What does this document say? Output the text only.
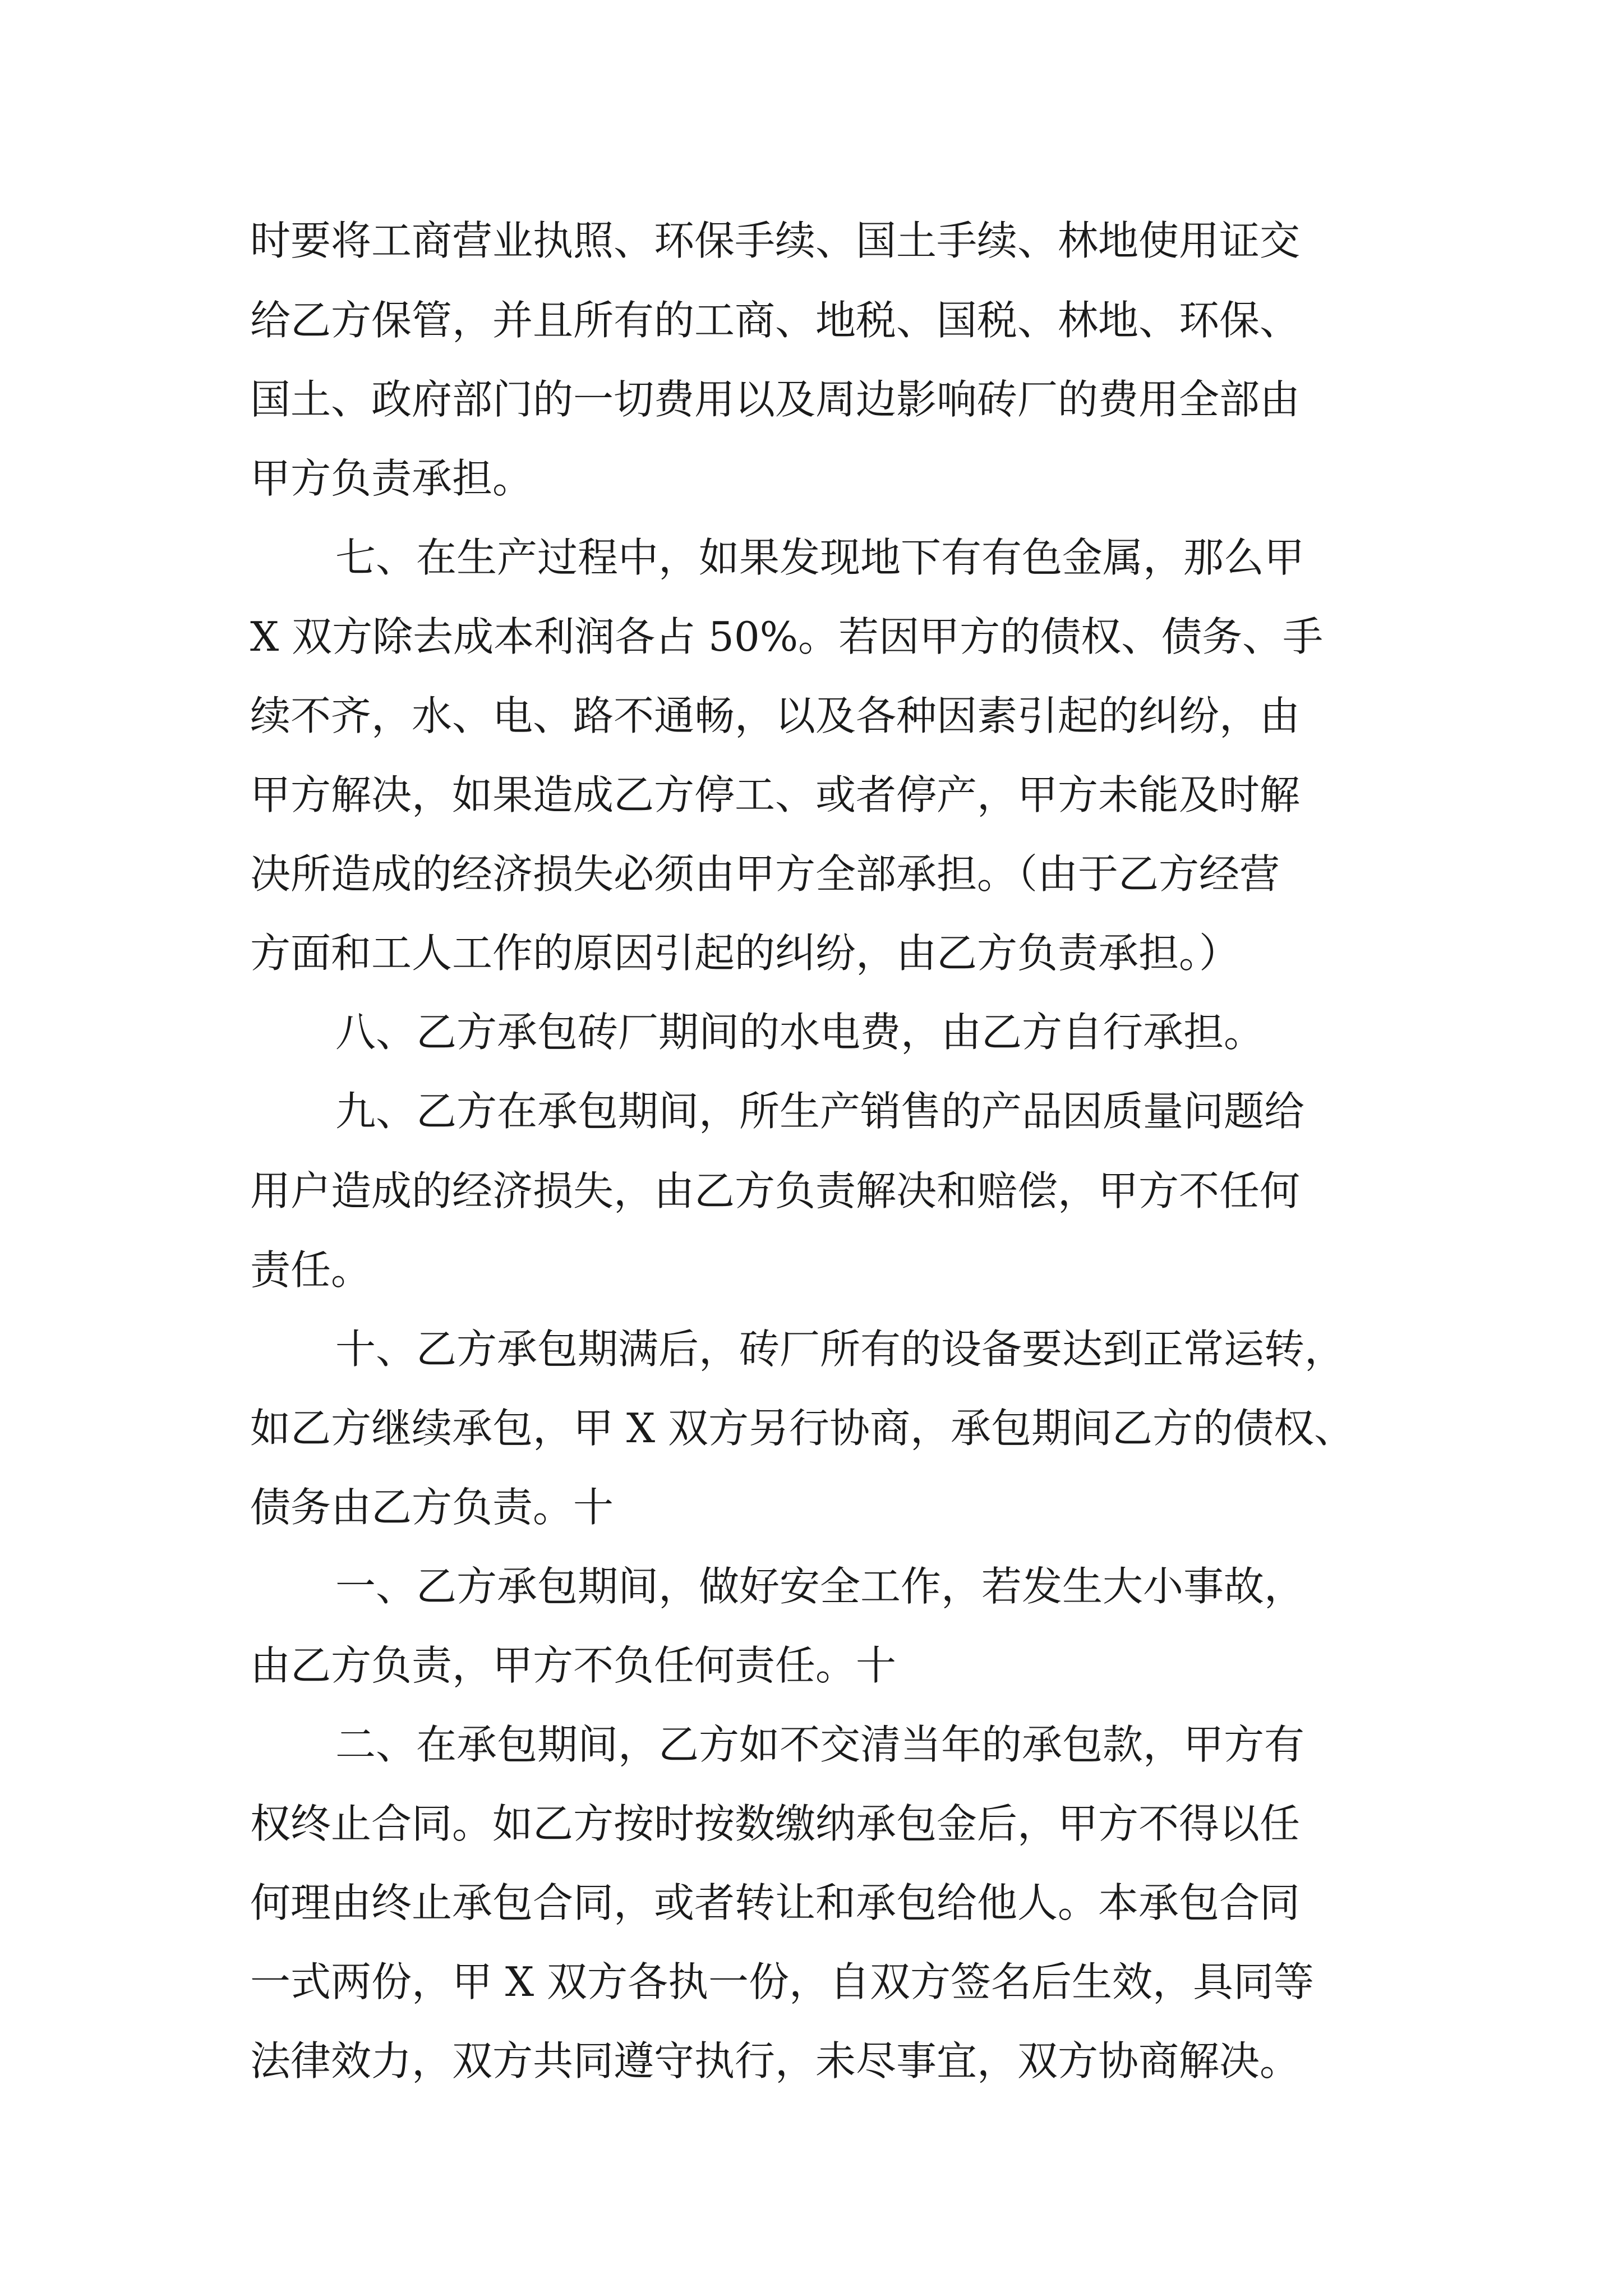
时要将工商营业执照、环保手续、国土手续、林地使用证交

给乙方保管，并且所有的工商、地税、国税、林地、环保、

国土、政府部门的一切费用以及周边影响砖厂的费用全部由

甲方负责承担。

七、在生产过程中，如果发现地下有有色金属，那么甲

X 双方除去成本利润各占 50%。若因甲方的债权、债务、手

续不齐，水、电、路不通畅，以及各种因素引起的纠纷，由

甲方解决，如果造成乙方停工、或者停产，甲方未能及时解

决所造成的经济损失必须由甲方全部承担。（由于乙方经营

方面和工人工作的原因引起的纠纷，由乙方负责承担。）

八、乙方承包砖厂期间的水电费，由乙方自行承担。

九、乙方在承包期间，所生产销售的产品因质量问题给

用户造成的经济损失，由乙方负责解决和赔偿，甲方不任何

责任。

十、乙方承包期满后，砖厂所有的设备要达到正常运转，

如乙方继续承包，甲 X 双方另行协商，承包期间乙方的债权、

债务由乙方负责。十

一、乙方承包期间，做好安全工作，若发生大小事故，

由乙方负责，甲方不负任何责任。十

二、在承包期间，乙方如不交清当年的承包款，甲方有

权终止合同。如乙方按时按数缴纳承包金后，甲方不得以任

何理由终止承包合同，或者转让和承包给他人。本承包合同

一式两份，甲 X 双方各执一份，自双方签名后生效，具同等

法律效力，双方共同遵守执行，未尽事宜，双方协商解决。
